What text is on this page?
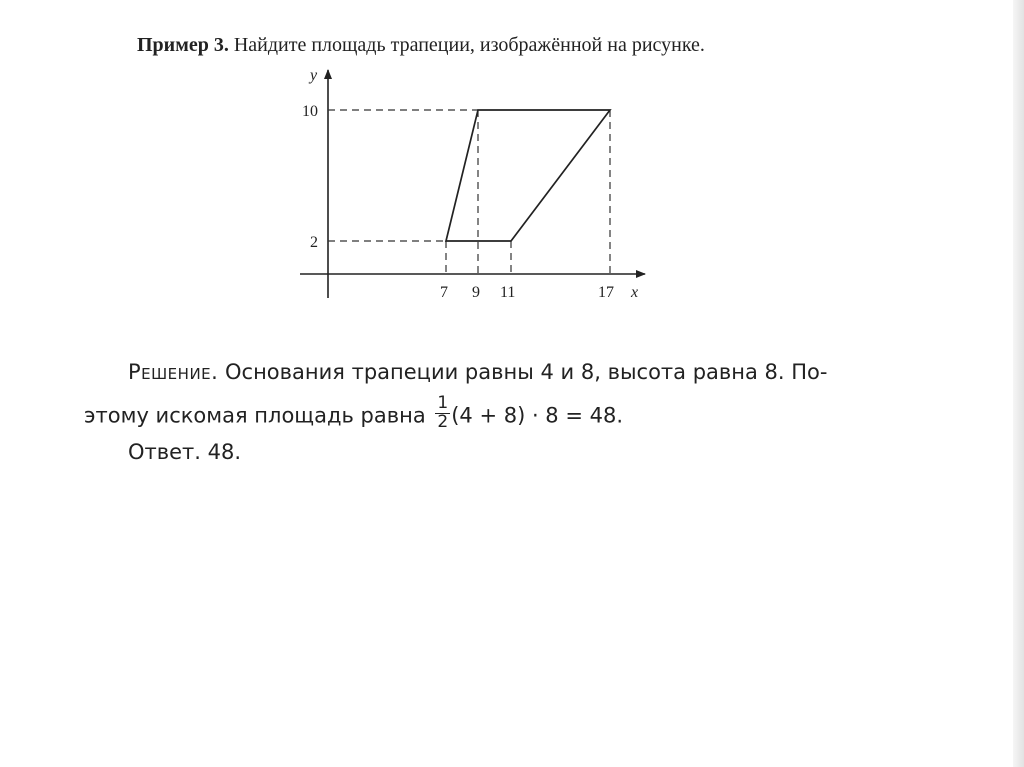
Пример 3. Найдите площадь трапеции, изображённой на рисунке.
y
x
10
2
7 9 11	17
Решение. Основания трапеции равны 4 и 8, высота равна 8. По-
этому искомая площадь равна $\frac{1}{2} (4 + 8) \cdot 8 = 48$.
Ответ. 48.
